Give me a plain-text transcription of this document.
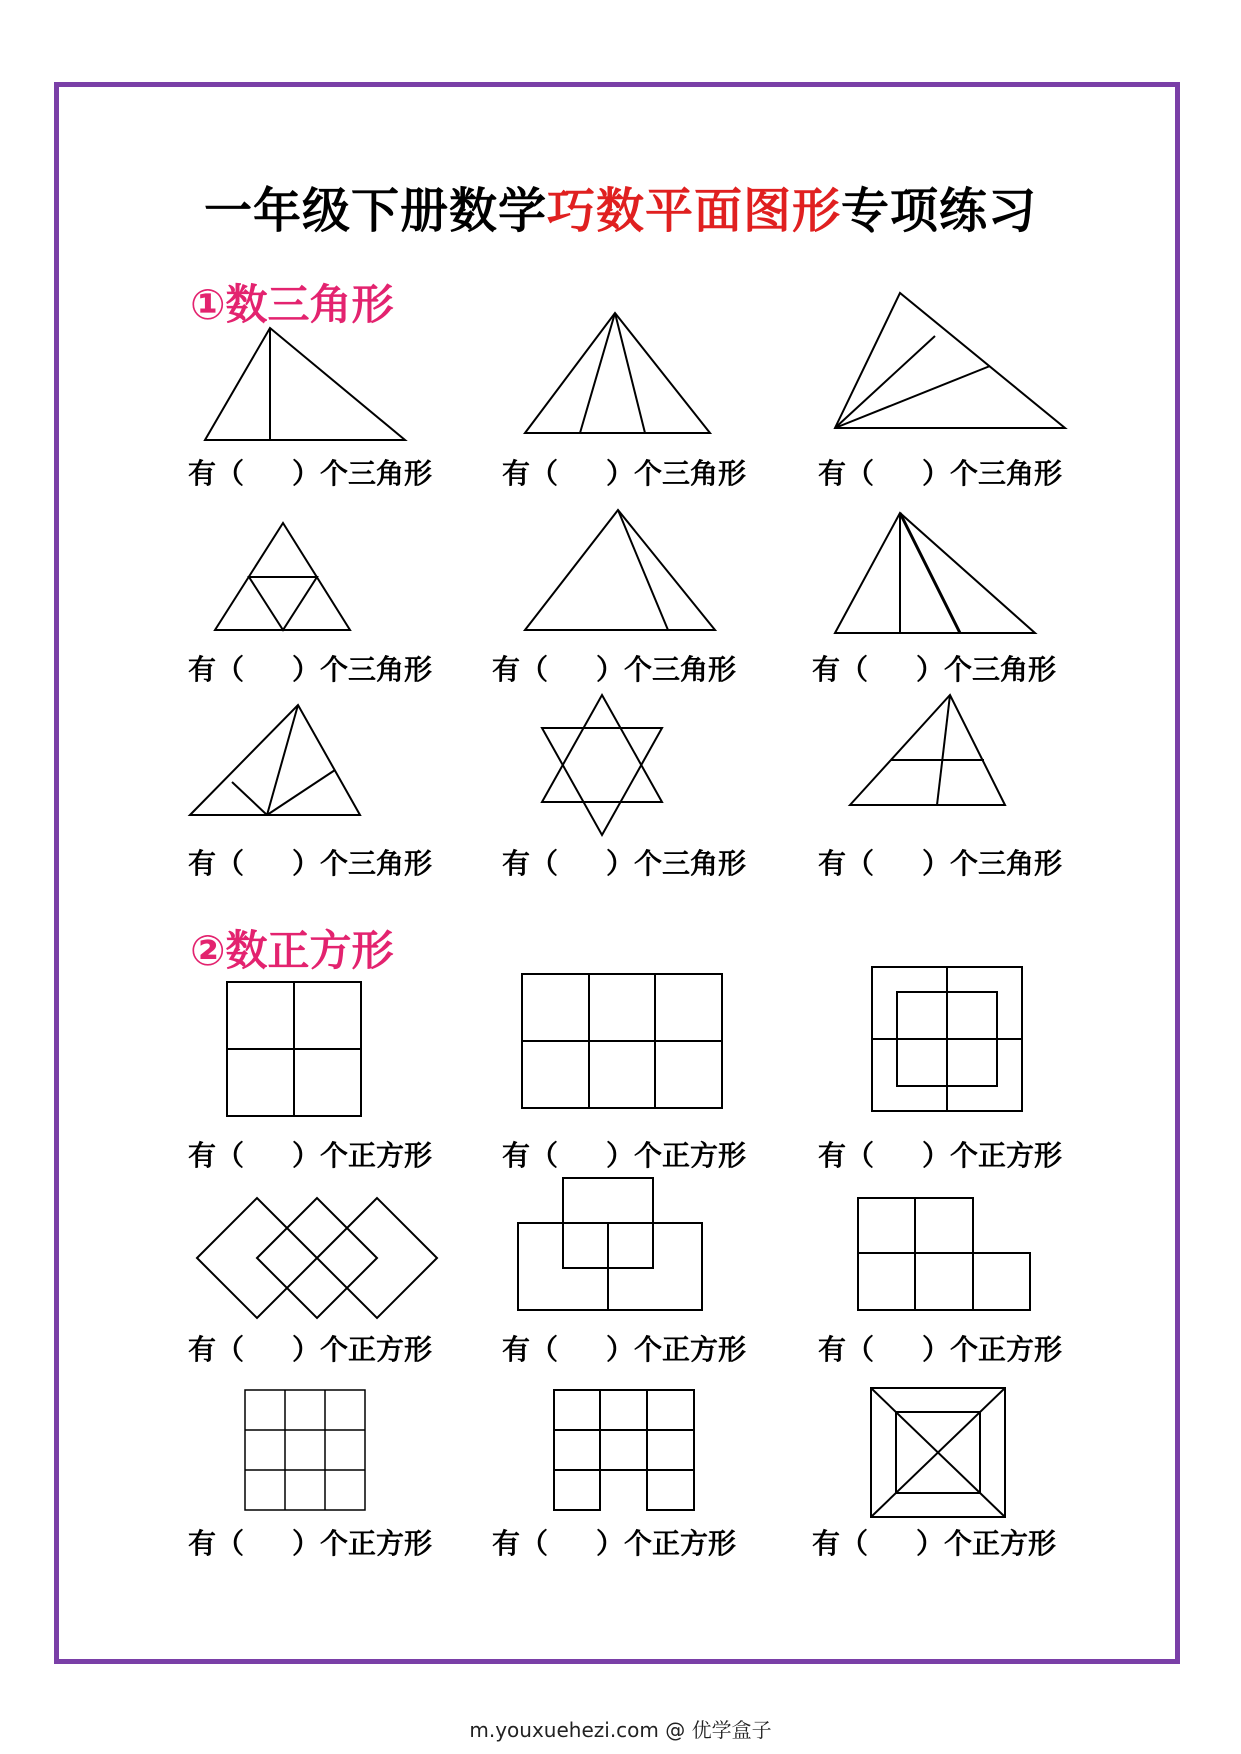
一年级下册数学巧数平面图形专项练习
①数三角形
有（ ）个三角形 有（ ）个三角形	有（ ）个三角形
有（ ）个三角形 有（ ）个三角形	有（ ）个三角形
有（ ）个三角形 有（ ）个三角形	有（ ）个三角形
②数正方形
有（ ）个正方形 有（ ）个正方形	有（ ）个正方形
有（ ）个正方形 有（ ）个正方形	有（ ）个正方形
有（ ）个正方形 有（ ）个正方形	有（ ）个正方形
m.youxuehezi.com @ 优学盒子
